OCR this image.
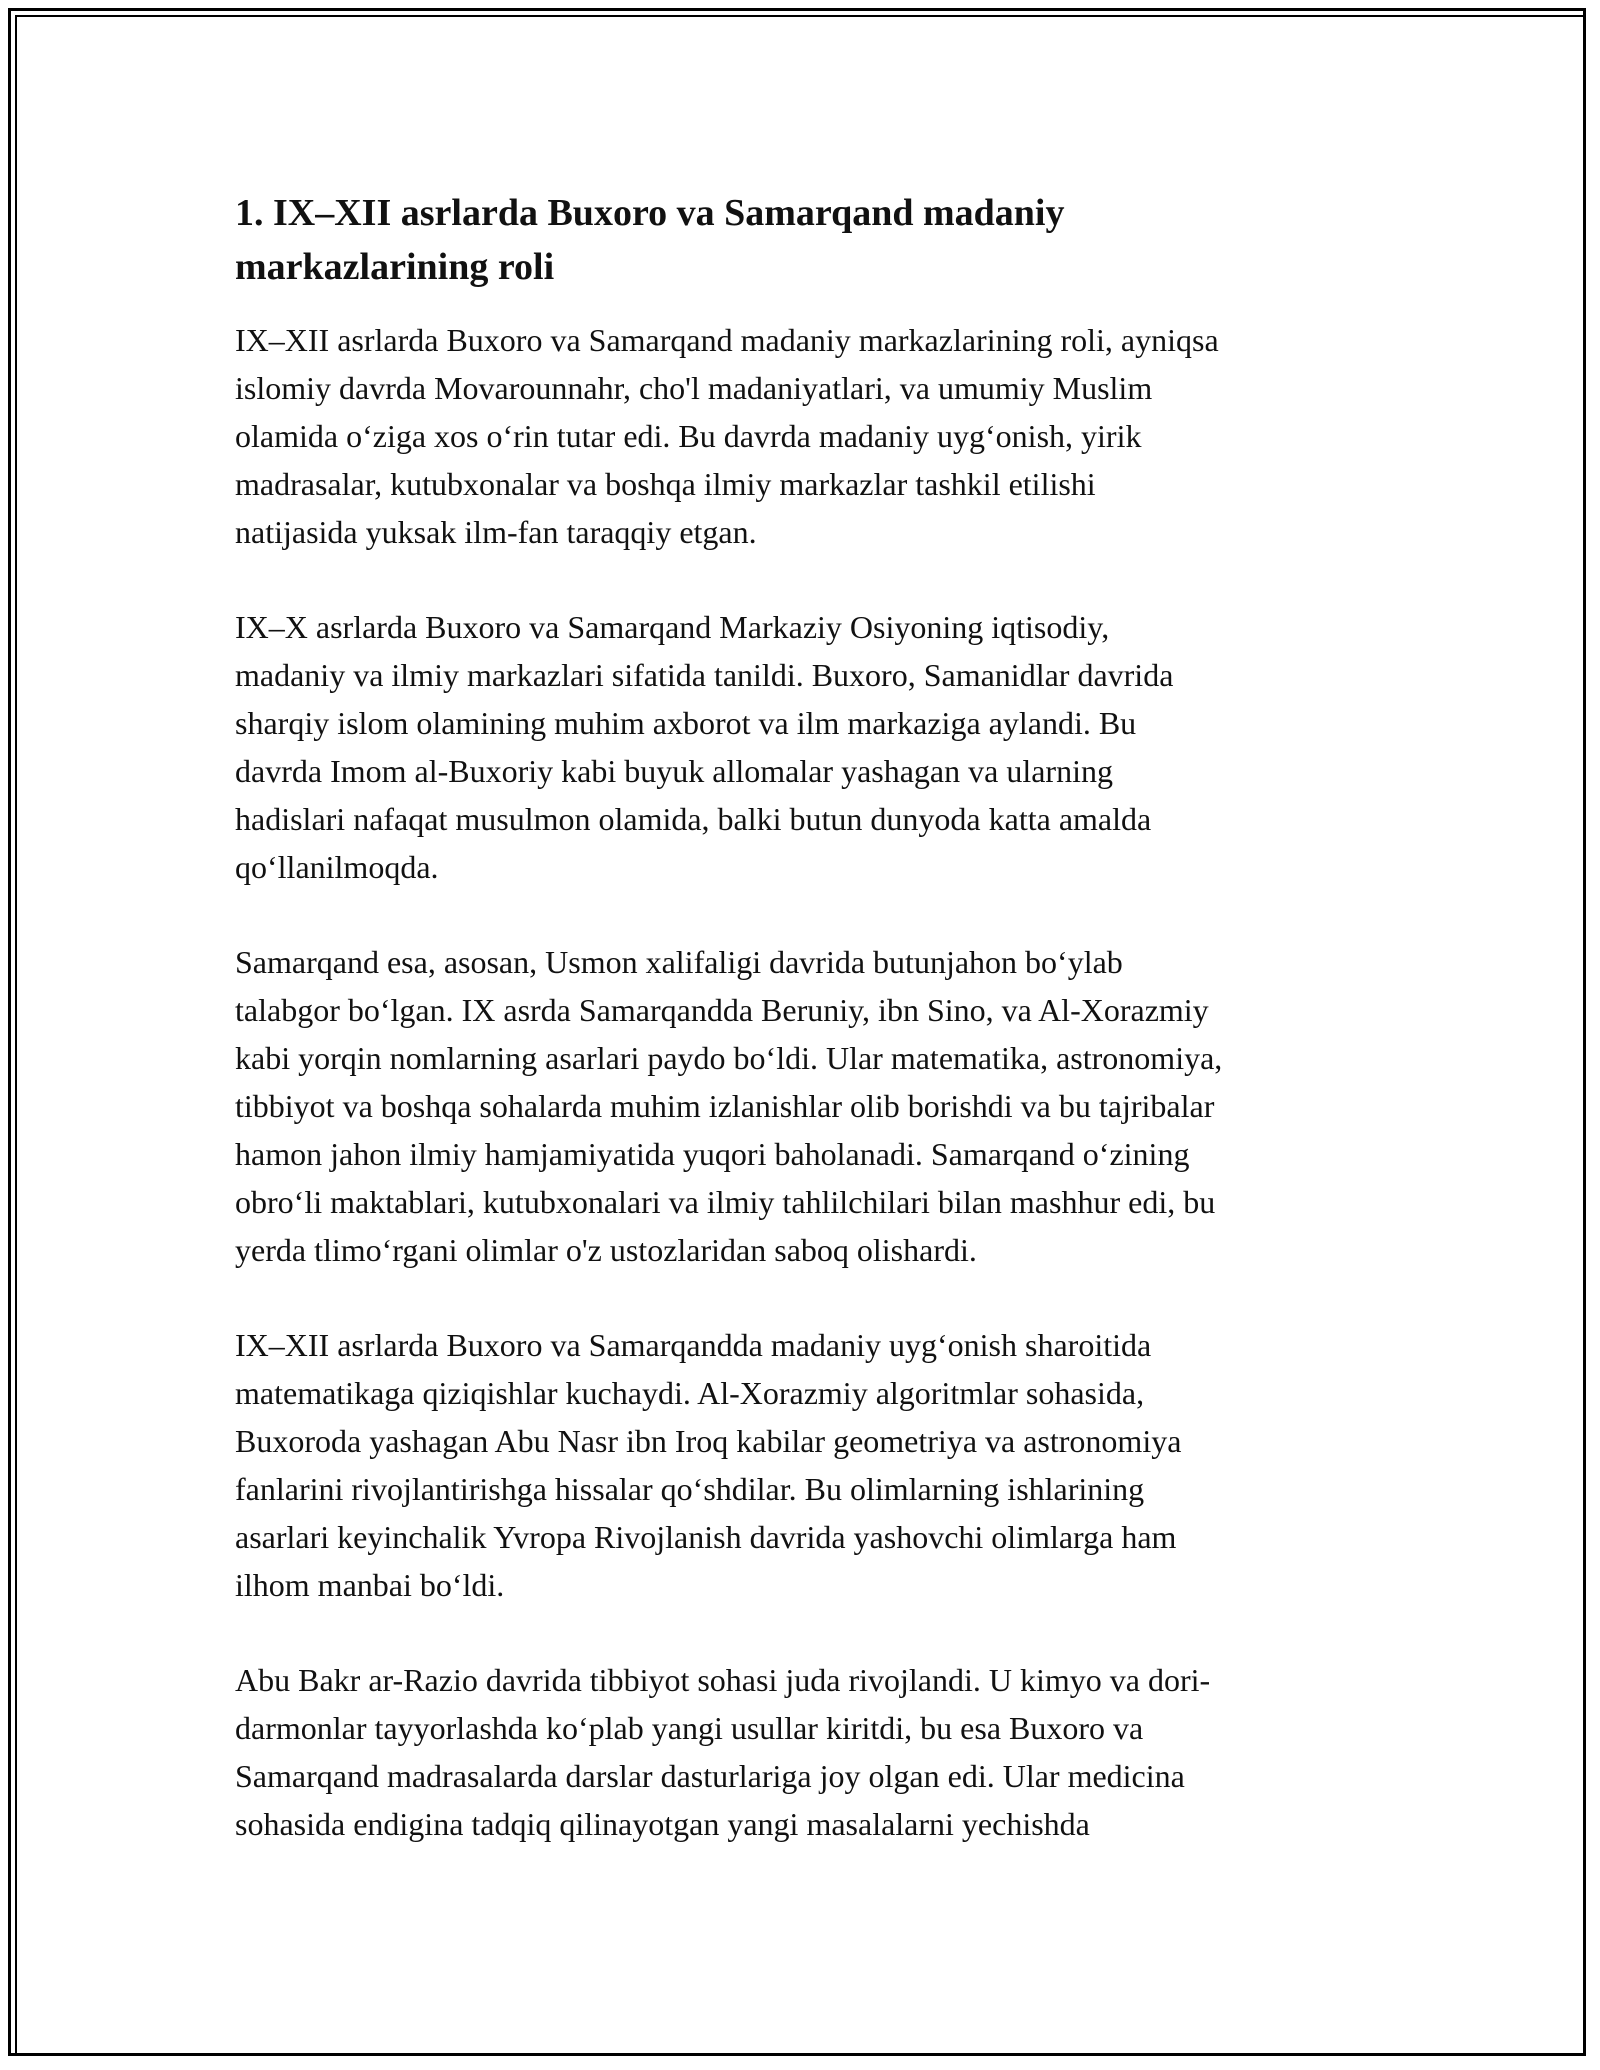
1. IX–XII asrlarda Buxoro va Samarqand madaniy
markazlarining roli

IX–XII asrlarda Buxoro va Samarqand madaniy markazlarining roli, ayniqsa
islomiy davrda Movarounnahr, cho'l madaniyatlari, va umumiy Muslim
olamida o‘ziga xos o‘rin tutar edi. Bu davrda madaniy uyg‘onish, yirik
madrasalar, kutubxonalar va boshqa ilmiy markazlar tashkil etilishi
natijasida yuksak ilm-fan taraqqiy etgan.

IX–X asrlarda Buxoro va Samarqand Markaziy Osiyoning iqtisodiy,
madaniy va ilmiy markazlari sifatida tanildi. Buxoro, Samanidlar davrida
sharqiy islom olamining muhim axborot va ilm markaziga aylandi. Bu
davrda Imom al-Buxoriy kabi buyuk allomalar yashagan va ularning
hadislari nafaqat musulmon olamida, balki butun dunyoda katta amalda
qo‘llanilmoqda.

Samarqand esa, asosan, Usmon xalifaligi davrida butunjahon bo‘ylab
talabgor bo‘lgan. IX asrda Samarqandda Beruniy, ibn Sino, va Al-Xorazmiy
kabi yorqin nomlarning asarlari paydo bo‘ldi. Ular matematika, astronomiya,
tibbiyot va boshqa sohalarda muhim izlanishlar olib borishdi va bu tajribalar
hamon jahon ilmiy hamjamiyatida yuqori baholanadi. Samarqand o‘zining
obro‘li maktablari, kutubxonalari va ilmiy tahlilchilari bilan mashhur edi, bu
yerda tlimo‘rgani olimlar o'z ustozlaridan saboq olishardi.

IX–XII asrlarda Buxoro va Samarqandda madaniy uyg‘onish sharoitida
matematikaga qiziqishlar kuchaydi. Al-Xorazmiy algoritmlar sohasida,
Buxoroda yashagan Abu Nasr ibn Iroq kabilar geometriya va astronomiya
fanlarini rivojlantirishga hissalar qo‘shdilar. Bu olimlarning ishlarining
asarlari keyinchalik Yvropa Rivojlanish davrida yashovchi olimlarga ham
ilhom manbai bo‘ldi.

Abu Bakr ar-Razio davrida tibbiyot sohasi juda rivojlandi. U kimyo va dori-
darmonlar tayyorlashda ko‘plab yangi usullar kiritdi, bu esa Buxoro va
Samarqand madrasalarda darslar dasturlariga joy olgan edi. Ular medicina
sohasida endigina tadqiq qilinayotgan yangi masalalarni yechishda
